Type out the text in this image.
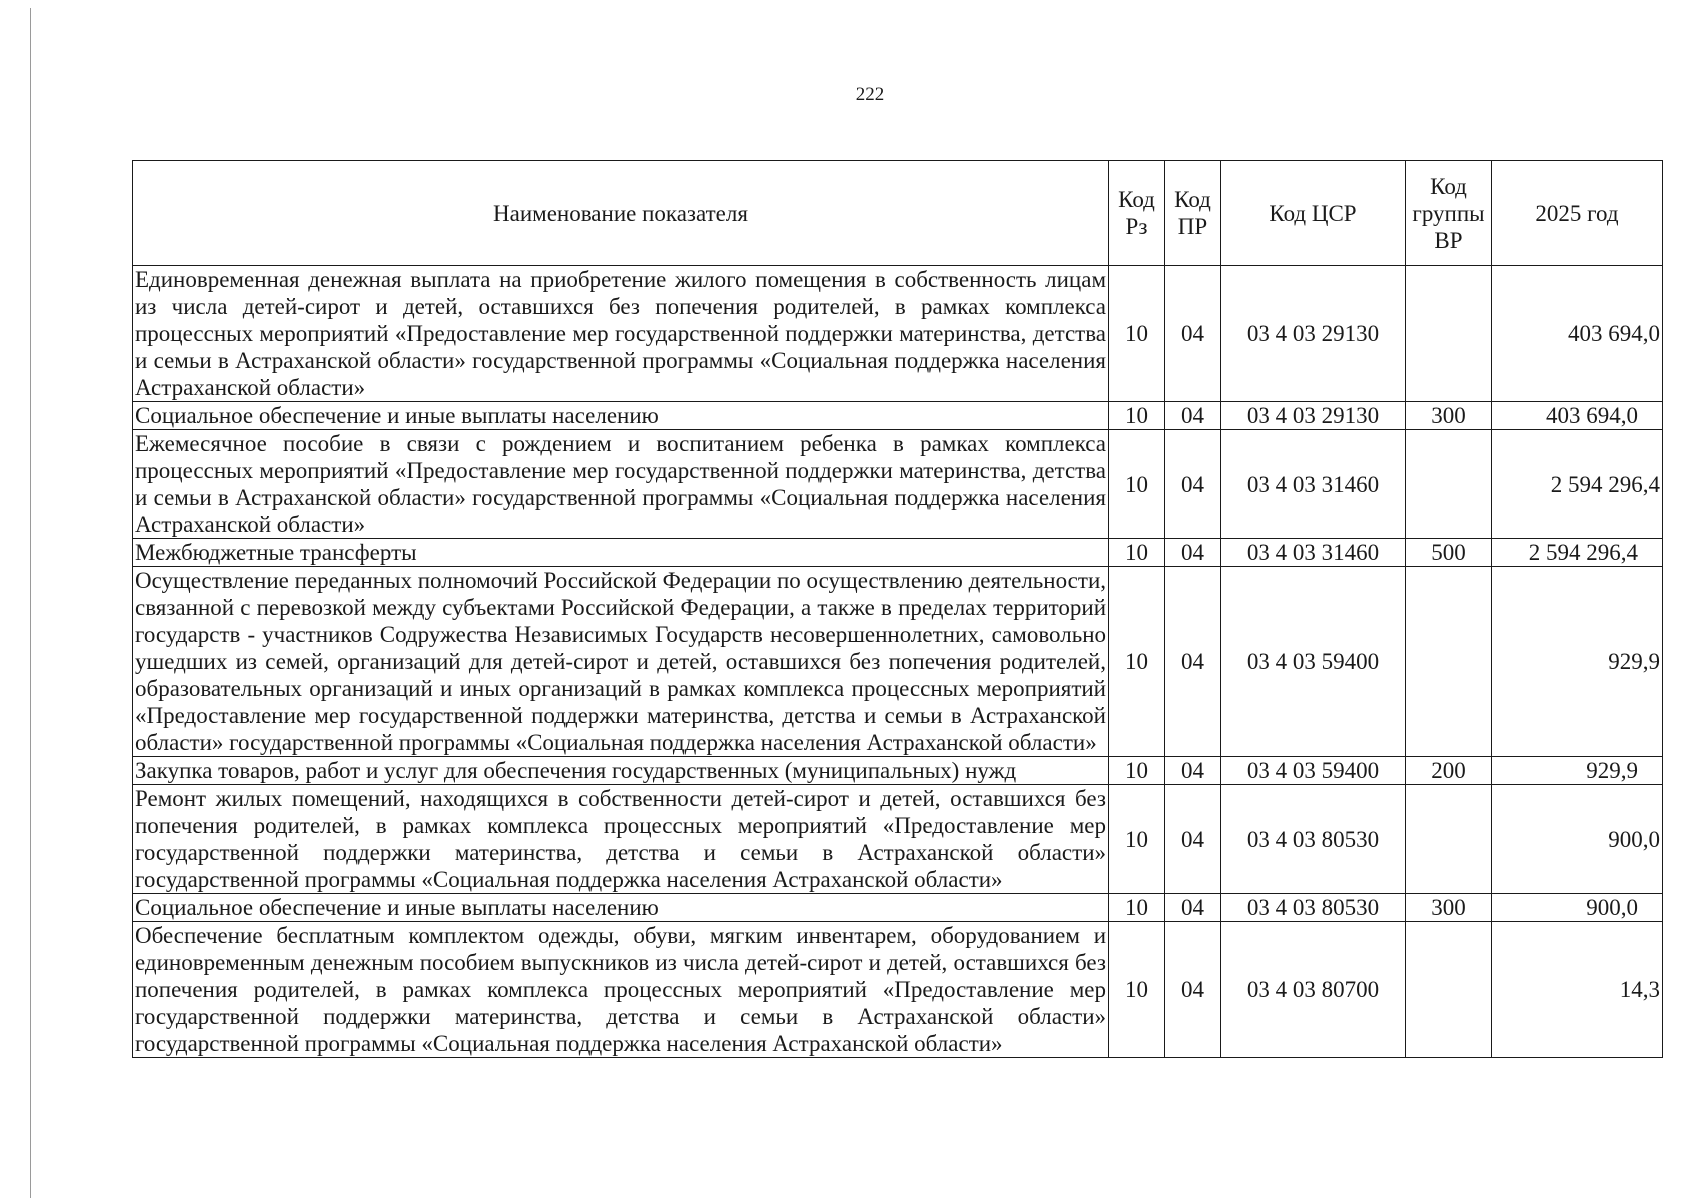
222
Наименование показателя	Код Рз	Код ПР	Код ЦСР	Код группы ВР	2025 год
Единовременная денежная выплата на приобретение жилого помещения в собственность лицам из числа детей-сирот и детей, оставшихся без попечения родителей, в рамках комплекса процессных мероприятий «Предоставление мер государственной поддержки материнства, детства и семьи в Астраханской области» государственной программы «Социальная поддержка населения Астраханской области»	10	04	03 4 03 29130		403 694,0
Социальное обеспечение и иные выплаты населению	10	04	03 4 03 29130	300	403 694,0
Ежемесячное пособие в связи с рождением и воспитанием ребенка в рамках комплекса процессных мероприятий «Предоставление мер государственной поддержки материнства, детства и семьи в Астраханской области» государственной программы «Социальная поддержка населения Астраханской области»	10	04	03 4 03 31460		2 594 296,4
Межбюджетные трансферты	10	04	03 4 03 31460	500	2 594 296,4
Осуществление переданных полномочий Российской Федерации по осуществлению деятельности, связанной с перевозкой между субъектами Российской Федерации, а также в пределах территорий государств - участников Содружества Независимых Государств несовершеннолетних, самовольно ушедших из семей, организаций для детей-сирот и детей, оставшихся без попечения родителей, образовательных организаций и иных организаций в рамках комплекса процессных мероприятий «Предоставление мер государственной поддержки материнства, детства и семьи в Астраханской области» государственной программы «Социальная поддержка населения Астраханской области»	10	04	03 4 03 59400		929,9
Закупка товаров, работ и услуг для обеспечения государственных (муниципальных) нужд	10	04	03 4 03 59400	200	929,9
Ремонт жилых помещений, находящихся в собственности детей-сирот и детей, оставшихся без попечения родителей, в рамках комплекса процессных мероприятий «Предоставление мер государственной поддержки материнства, детства и семьи в Астраханской области» государственной программы «Социальная поддержка населения Астраханской области»	10	04	03 4 03 80530		900,0
Социальное обеспечение и иные выплаты населению	10	04	03 4 03 80530	300	900,0
Обеспечение бесплатным комплектом одежды, обуви, мягким инвентарем, оборудованием и единовременным денежным пособием выпускников из числа детей-сирот и детей, оставшихся без попечения родителей, в рамках комплекса процессных мероприятий «Предоставление мер государственной поддержки материнства, детства и семьи в Астраханской области» государственной программы «Социальная поддержка населения Астраханской области»	10	04	03 4 03 80700		14,3
